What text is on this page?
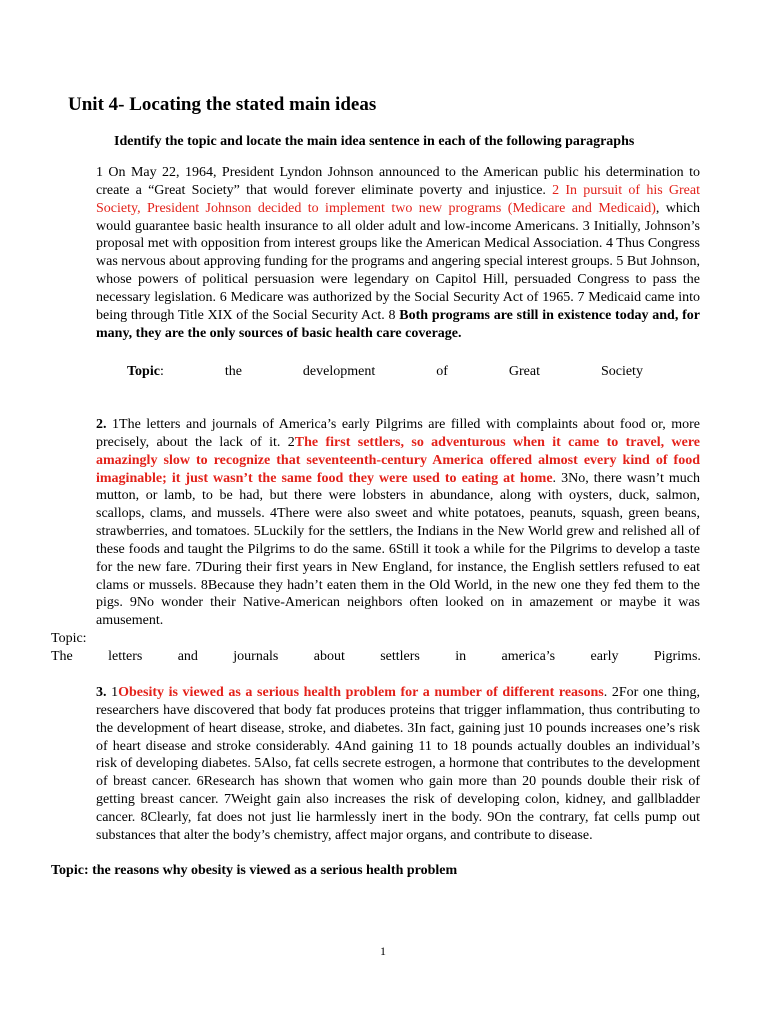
Unit 4- Locating the stated main ideas

Identify the topic and locate the main idea sentence in each of the following paragraphs

1 On May 22, 1964, President Lyndon Johnson announced to the American public his determination to create a “Great Society” that would forever eliminate poverty and injustice. 2 In pursuit of his Great Society, President Johnson decided to implement two new programs (Medicare and Medicaid), which would guarantee basic health insurance to all older adult and low-income Americans. 3 Initially, Johnson’s proposal met with opposition from interest groups like the American Medical Association. 4 Thus Congress was nervous about approving funding for the programs and angering special interest groups. 5 But Johnson, whose powers of political persuasion were legendary on Capitol Hill, persuaded Congress to pass the necessary legislation. 6 Medicare was authorized by the Social Security Act of 1965. 7 Medicaid came into being through Title XIX of the Social Security Act. 8 Both programs are still in existence today and, for many, they are the only sources of basic health care coverage.

Topic:	the	development	of	Great	Society

2. 1The letters and journals of America’s early Pilgrims are filled with complaints about food or, more precisely, about the lack of it. 2The first settlers, so adventurous when it came to travel, were amazingly slow to recognize that seventeenth-century America offered almost every kind of food imaginable; it just wasn’t the same food they were used to eating at home. 3No, there wasn’t much mutton, or lamb, to be had, but there were lobsters in abundance, along with oysters, duck, salmon, scallops, clams, and mussels. 4There were also sweet and white potatoes, peanuts, squash, green beans, strawberries, and tomatoes. 5Luckily for the settlers, the Indians in the New World grew and relished all of these foods and taught the Pilgrims to do the same. 6Still it took a while for the Pilgrims to develop a taste for the new fare. 7During their first years in New England, for instance, the English settlers refused to eat clams or mussels. 8Because they hadn’t eaten them in the Old World, in the new one they fed them to the pigs. 9No wonder their Native-American neighbors often looked on in amazement or maybe it was amusement.

Topic:
The	letters	and	journals	about	settlers	in	america’s	early	Pigrims.

3. 1Obesity is viewed as a serious health problem for a number of different reasons. 2For one thing, researchers have discovered that body fat produces proteins that trigger inflammation, thus contributing to the development of heart disease, stroke, and diabetes. 3In fact, gaining just 10 pounds increases one’s risk of heart disease and stroke considerably. 4And gaining 11 to 18 pounds actually doubles an individual’s risk of developing diabetes. 5Also, fat cells secrete estrogen, a hormone that contributes to the development of breast cancer. 6Research has shown that women who gain more than 20 pounds double their risk of getting breast cancer. 7Weight gain also increases the risk of developing colon, kidney, and gallbladder cancer. 8Clearly, fat does not just lie harmlessly inert in the body. 9On the contrary, fat cells pump out substances that alter the body’s chemistry, affect major organs, and contribute to disease.

Topic: the reasons why obesity is viewed as a serious health problem
1
